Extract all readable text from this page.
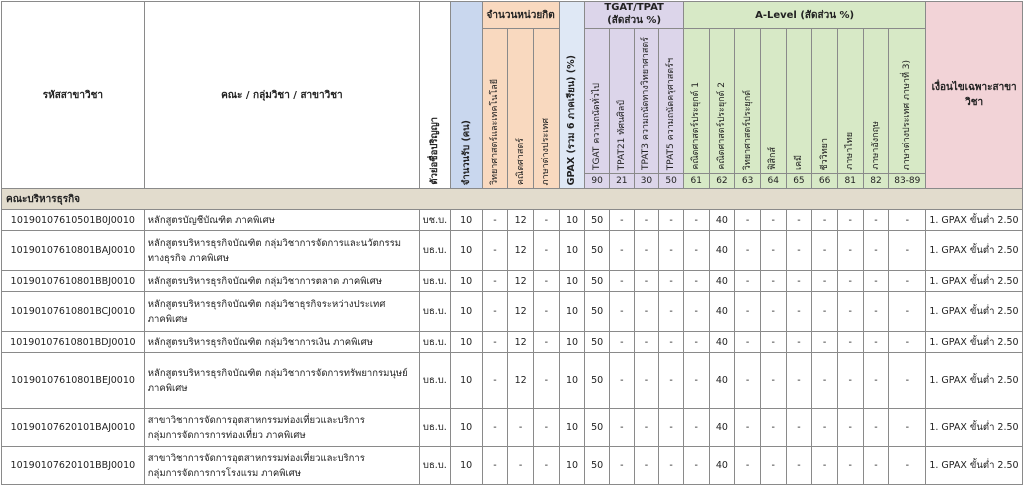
รหัสสาขาวิชา	คณะ / กลุ่มวิชา / สาขาวิชา	ตัวย่อชื่อปริญญา	จำนวนรับ (คน)	จำนวนหน่วยกิต			GPAX (รวม 6 ภาคเรียน) (%)	TGAT/TPAT (สัดส่วน %)				A-Level (สัดส่วน %)									เงื่อนไขเฉพาะสาขาวิชา

				วิทยาศาสตร์และเทคโนโลยี	คณิตศาสตร์	ภาษาต่างประเทศ		TGAT ความถนัดทั่วไป	TPAT21 ทัศนศิลป์	TPAT3 ความถนัดทางวิทยาศาสตร์	TPAT5 ความถนัดครุศาสตร์ฯ	คณิตศาสตร์ประยุกต์ 1	คณิตศาสตร์ประยุกต์ 2	วิทยาศาสตร์ประยุกต์	ฟิสิกส์	เคมี	ชีววิทยา	ภาษาไทย	ภาษาอังกฤษ	ภาษาต่างประเทศ ภาษาที่ 3)	

								90	21	30	50	61	62	63	64	65	66	81	82	83-89	
คณะบริหารธุรกิจ																					
10190107610501B0J0010	หลักสูตรบัญชีบัณฑิต ภาคพิเศษ	บช.บ.	10	-	12	-	10	50	-	-	-	-	40	-	-	-	-	-	-	-	1. GPAX ขั้นต่ำ 2.50
10190107610801BAJ0010	หลักสูตรบริหารธุรกิจบัณฑิต กลุ่มวิชาการจัดการและนวัตกรรม
ทางธุรกิจ ภาคพิเศษ	บธ.บ.	10	-	12	-	10	50	-	-	-	-	40	-	-	-	-	-	-	-	1. GPAX ขั้นต่ำ 2.50
10190107610801BBJ0010	หลักสูตรบริหารธุรกิจบัณฑิต กลุ่มวิชาการตลาด ภาคพิเศษ	บธ.บ.	10	-	12	-	10	50	-	-	-	-	40	-	-	-	-	-	-	-	1. GPAX ขั้นต่ำ 2.50
10190107610801BCJ0010	หลักสูตรบริหารธุรกิจบัณฑิต กลุ่มวิชาธุรกิจระหว่างประเทศ
ภาคพิเศษ	บธ.บ.	10	-	12	-	10	50	-	-	-	-	40	-	-	-	-	-	-	-	1. GPAX ขั้นต่ำ 2.50
10190107610801BDJ0010	หลักสูตรบริหารธุรกิจบัณฑิต กลุ่มวิชาการเงิน ภาคพิเศษ	บธ.บ.	10	-	12	-	10	50	-	-	-	-	40	-	-	-	-	-	-	-	1. GPAX ขั้นต่ำ 2.50
10190107610801BEJ0010	หลักสูตรบริหารธุรกิจบัณฑิต กลุ่มวิชาการจัดการทรัพยากรมนุษย์
ภาคพิเศษ	บธ.บ.	10	-	12	-	10	50	-	-	-	-	40	-	-	-	-	-	-	-	1. GPAX ขั้นต่ำ 2.50
10190107620101BAJ0010	สาขาวิชาการจัดการอุตสาหกรรมท่องเที่ยวและบริการ
กลุ่มการจัดการการท่องเที่ยว ภาคพิเศษ	บธ.บ.	10	-	-	-	10	50	-	-	-	-	40	-	-	-	-	-	-	-	1. GPAX ขั้นต่ำ 2.50
10190107620101BBJ0010	สาขาวิชาการจัดการอุตสาหกรรมท่องเที่ยวและบริการ
กลุ่มการจัดการการโรงแรม ภาคพิเศษ	บธ.บ.	10	-	-	-	10	50	-	-	-	-	40	-	-	-	-	-	-	-	1. GPAX ขั้นต่ำ 2.50
